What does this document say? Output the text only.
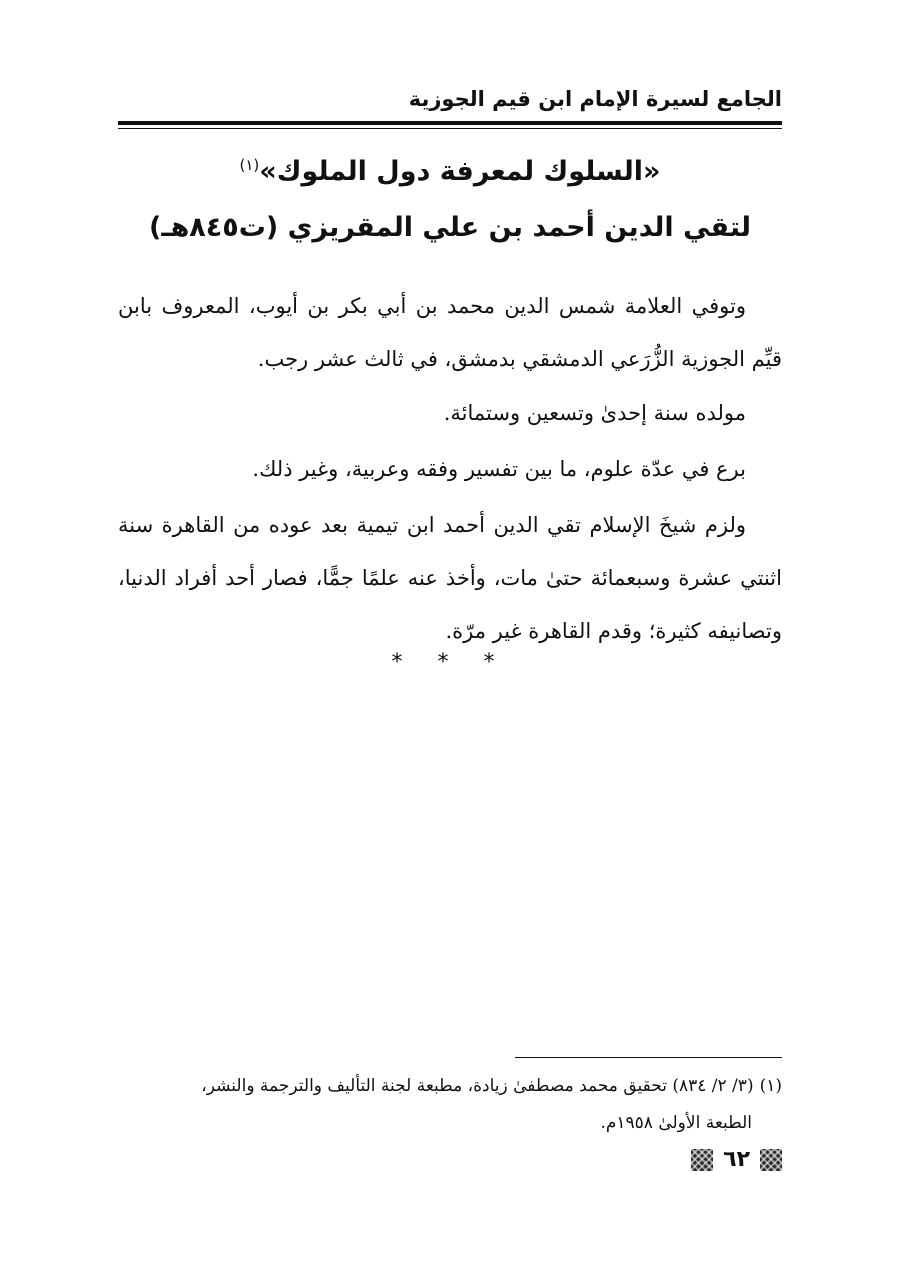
الجامع لسيرة الإمام ابن قيم الجوزية
«السلوك لمعرفة دول الملوك»$^{(١)}$
لتقي الدين أحمد بن علي المقريزي (ت٨٤٥هـ)

وتوفي العلامة شمس الدين محمد بن أبي بكر بن أيوب، المعروف بابن قيِّم الجوزية الزُّرَعي الدمشقي بدمشق، في ثالث عشر رجب.

مولده سنة إحدىٰ وتسعين وستمائة.

برع في عدّة علوم، ما بين تفسير وفقه وعربية، وغير ذلك.

ولزم شيخَ الإسلام تقي الدين أحمد ابن تيمية بعد عوده من القاهرة سنة اثنتي عشرة وسبعمائة حتىٰ مات، وأخذ عنه علمًا جمًّا، فصار أحد أفراد الدنيا، وتصانيفه كثيرة؛ وقدم القاهرة غير مرّة.

* * *

(١)(٣/ ٢/ ٨٣٤) تحقيق محمد مصطفىٰ زيادة، مطبعة لجنة التأليف والترجمة والنشر،
الطبعة الأولىٰ ١٩٥٨م.

٦٢
